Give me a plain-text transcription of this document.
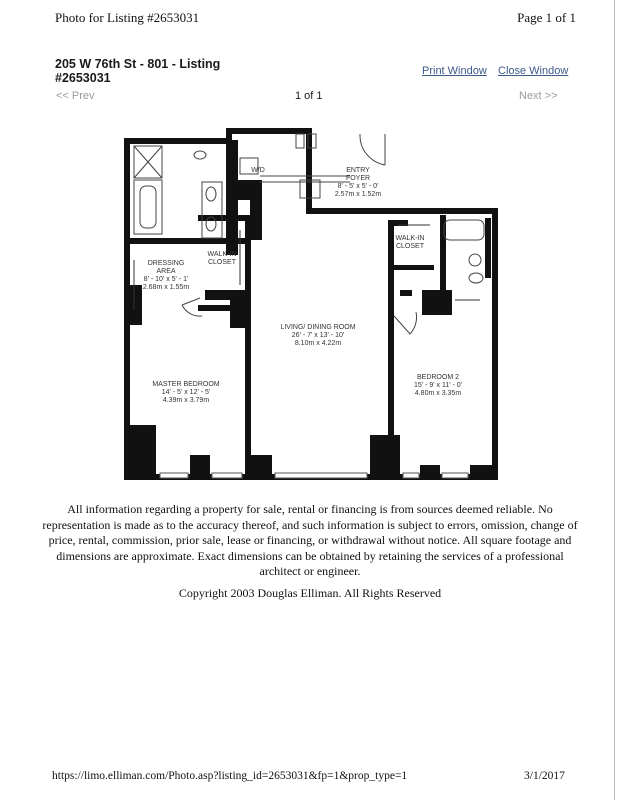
Photo for Listing #2653031	Page 1 of 1
205 W 76th St - 801 - Listing #2653031	Print Window Close Window
<< Prev	1 of 1	Next >>
W/D	ENTRY
FOYER
8' - 5' x 5' - 0'
2.57m x 1.52m
DRESSING
AREA
8' - 10' x 5' - 1'
2.68m x 1.55m
WALK-IN
CLOSET
WALK-IN
CLOSET
LIVING/ DINING ROOM
26' - 7' x 13' - 10'
8.10m x 4.22m
MASTER BEDROOM
14' - 5' x 12' - 5'
4.39m x 3.79m
BEDROOM 2
15' - 9' x 11' - 0'
4.80m x 3.35m
All information regarding a property for sale, rental or financing is from sources deemed reliable. No representation is made as to the accuracy thereof, and such information is subject to errors, omission, change of price, rental, commission, prior sale, lease or financing, or withdrawal without notice. All square footage and dimensions are approximate. Exact dimensions can be obtained by retaining the services of a professional architect or engineer.
Copyright 2003 Douglas Elliman. All Rights Reserved
https://limo.elliman.com/Photo.asp?listing_id=2653031&fp=1&prop_type=1	3/1/2017
